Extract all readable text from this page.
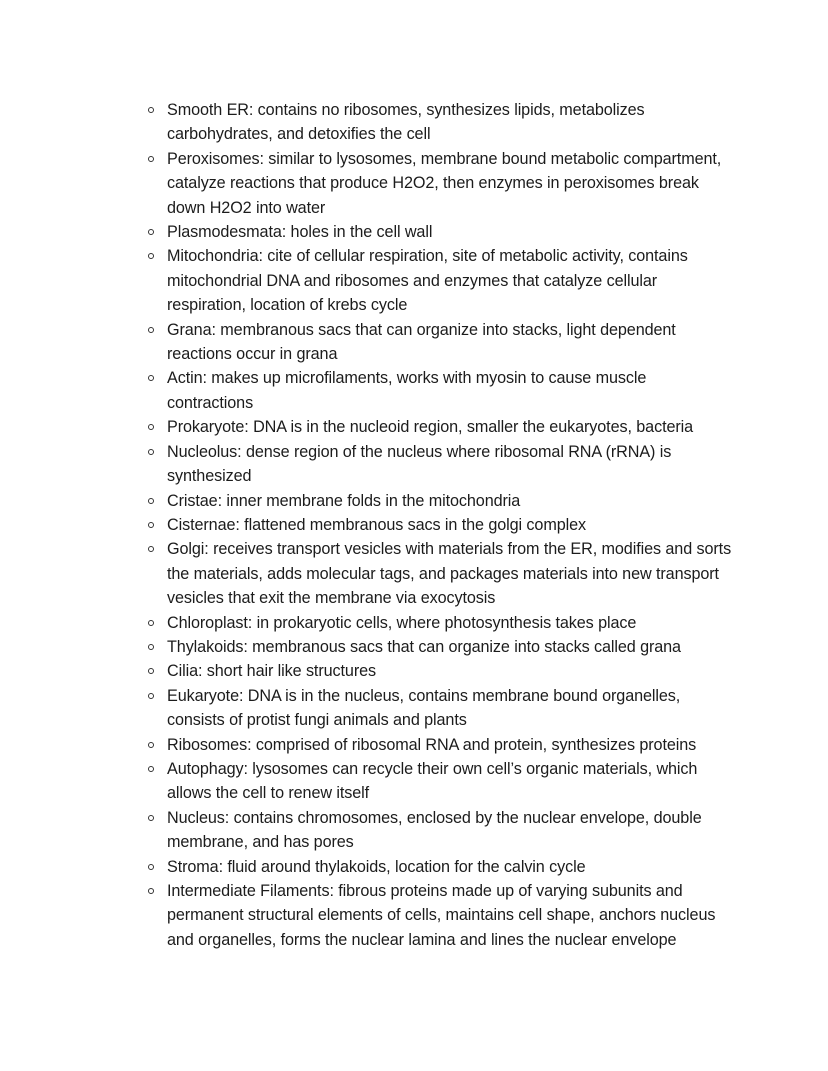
Smooth ER: contains no ribosomes, synthesizes lipids, metabolizes carbohydrates, and detoxifies the cell
Peroxisomes: similar to lysosomes, membrane bound metabolic compartment, catalyze reactions that produce H2O2, then enzymes in peroxisomes break down H2O2 into water
Plasmodesmata: holes in the cell wall
Mitochondria: cite of cellular respiration, site of metabolic activity, contains mitochondrial DNA and ribosomes and enzymes that catalyze cellular respiration, location of krebs cycle
Grana: membranous sacs that can organize into stacks, light dependent reactions occur in grana
Actin: makes up microfilaments, works with myosin to cause muscle contractions
Prokaryote: DNA is in the nucleoid region, smaller the eukaryotes, bacteria
Nucleolus: dense region of the nucleus where ribosomal RNA (rRNA) is synthesized
Cristae: inner membrane folds in the mitochondria
Cisternae: flattened membranous sacs in the golgi complex
Golgi: receives transport vesicles with materials from the ER, modifies and sorts the materials, adds molecular tags, and packages materials into new transport vesicles that exit the membrane via exocytosis
Chloroplast: in prokaryotic cells, where photosynthesis takes place
Thylakoids: membranous sacs that can organize into stacks called grana
Cilia: short hair like structures
Eukaryote: DNA is in the nucleus, contains membrane bound organelles, consists of protist fungi animals and plants
Ribosomes: comprised of ribosomal RNA and protein, synthesizes proteins
Autophagy: lysosomes can recycle their own cell’s organic materials, which allows the cell to renew itself
Nucleus: contains chromosomes, enclosed by the nuclear envelope, double membrane, and has pores
Stroma: fluid around thylakoids, location for the calvin cycle
Intermediate Filaments: fibrous proteins made up of varying subunits and permanent structural elements of cells, maintains cell shape, anchors nucleus and organelles, forms the nuclear lamina and lines the nuclear envelope
